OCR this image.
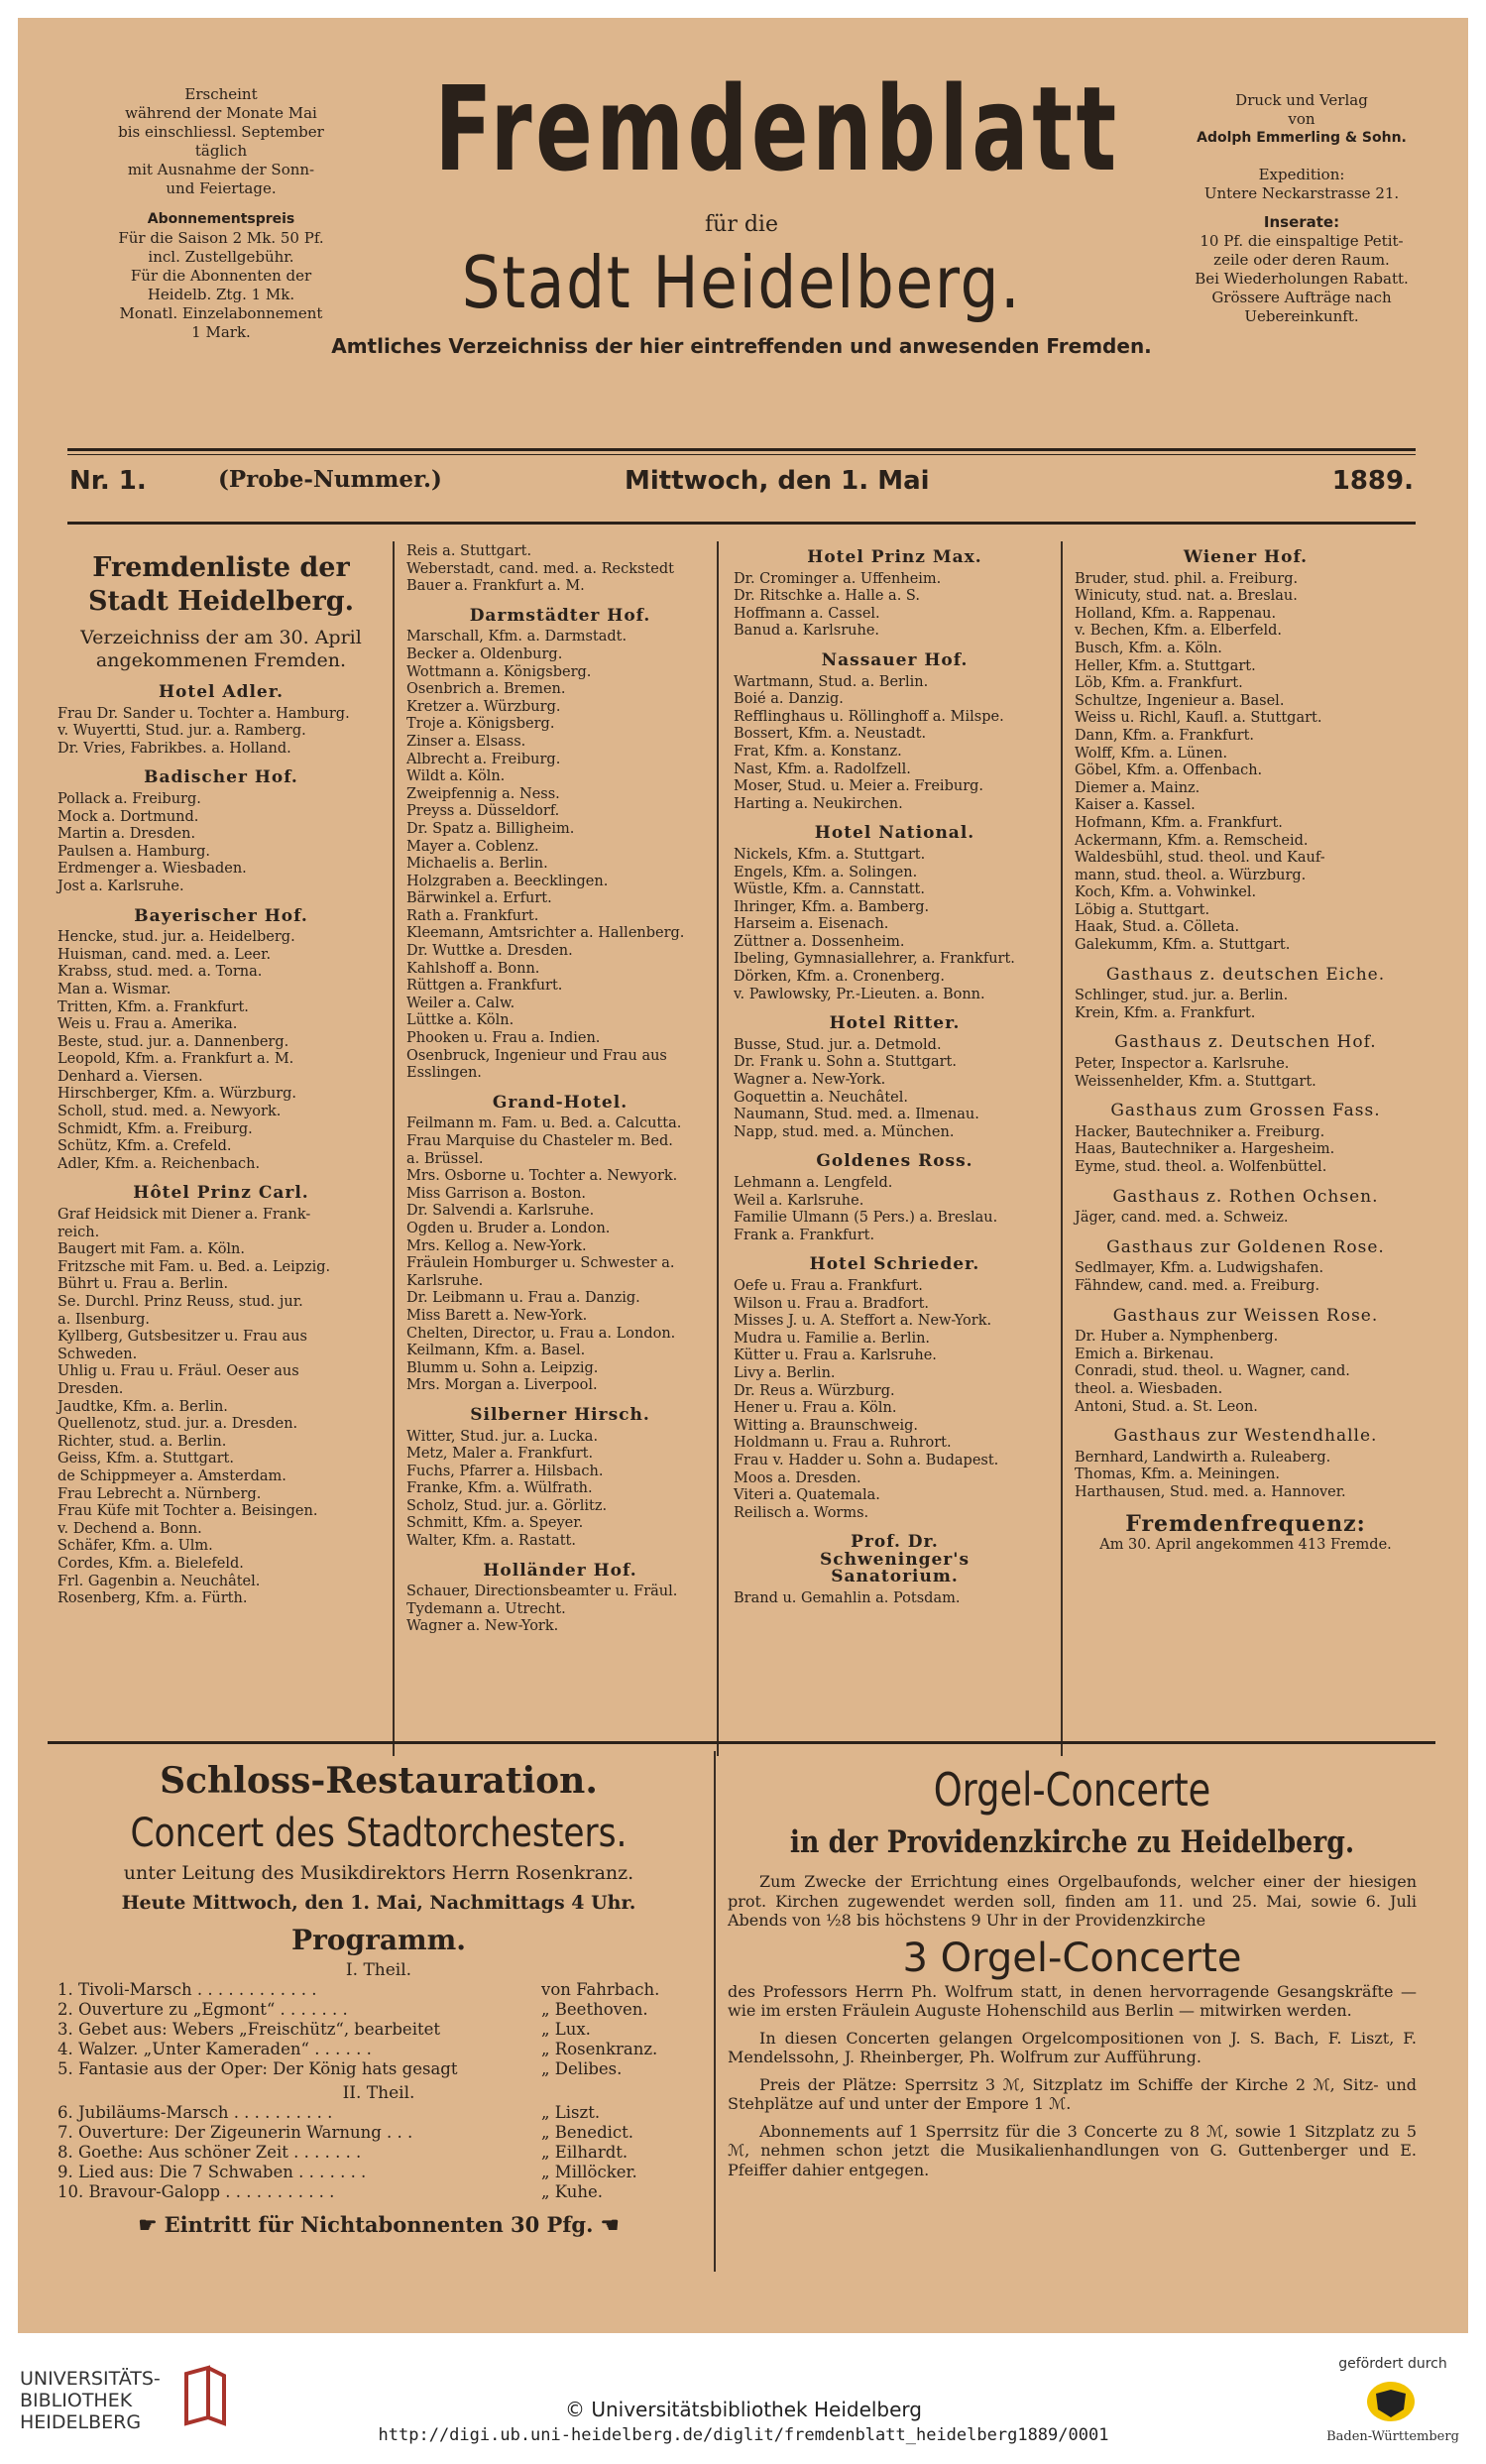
Erscheint
während der Monate Mai
bis einschliessl. September
täglich
mit Ausnahme der Sonn-
und Feiertage.
Abonnementspreis
Für die Saison 2 Mk. 50 Pf.
incl. Zustellgebühr.
Für die Abonnenten der
Heidelb. Ztg. 1 Mk.
Monatl. Einzelabonnement
1 Mark.
Fremdenblatt
für die
Stadt Heidelberg.
Amtliches Verzeichniss der hier eintreffenden und anwesenden Fremden.
Druck und Verlag
von
Adolph Emmerling & Sohn.
Expedition:
Untere Neckarstrasse 21.
Inserate:
10 Pf. die einspaltige Petit-
zeile oder deren Raum.
Bei Wiederholungen Rabatt.
Grössere Aufträge nach
Uebereinkunft.
Nr. 1.	(Probe-Nummer.)	Mittwoch, den 1. Mai	1889.
Fremdenliste der Stadt Heidelberg.
Verzeichniss der am 30. April angekommenen Fremden.
Hotel Adler.
Frau Dr. Sander u. Tochter a. Hamburg.
v. Wuyertti, Stud. jur. a. Ramberg.
Dr. Vries, Fabrikbes. a. Holland.
Badischer Hof.
Pollack a. Freiburg.
Mock a. Dortmund.
Martin a. Dresden.
Paulsen a. Hamburg.
Erdmenger a. Wiesbaden.
Jost a. Karlsruhe.
Bayerischer Hof.
Hencke, stud. jur. a. Heidelberg.
Huisman, cand. med. a. Leer.
Krabss, stud. med. a. Torna.
Man a. Wismar.
Tritten, Kfm. a. Frankfurt.
Weis u. Frau a. Amerika.
Beste, stud. jur. a. Dannenberg.
Leopold, Kfm. a. Frankfurt a. M.
Denhard a. Viersen.
Hirschberger, Kfm. a. Würzburg.
Scholl, stud. med. a. Newyork.
Schmidt, Kfm. a. Freiburg.
Schütz, Kfm. a. Crefeld.
Adler, Kfm. a. Reichenbach.
Hôtel Prinz Carl.
Graf Heidsick mit Diener a. Frank-
reich.
Baugert mit Fam. a. Köln.
Fritzsche mit Fam. u. Bed. a. Leipzig.
Bührt u. Frau a. Berlin.
Se. Durchl. Prinz Reuss, stud. jur.
a. Ilsenburg.
Kyllberg, Gutsbesitzer u. Frau aus
Schweden.
Uhlig u. Frau u. Fräul. Oeser aus
Dresden.
Jaudtke, Kfm. a. Berlin.
Quellenotz, stud. jur. a. Dresden.
Richter, stud. a. Berlin.
Geiss, Kfm. a. Stuttgart.
de Schippmeyer a. Amsterdam.
Frau Lebrecht a. Nürnberg.
Frau Küfe mit Tochter a. Beisingen.
v. Dechend a. Bonn.
Schäfer, Kfm. a. Ulm.
Cordes, Kfm. a. Bielefeld.
Frl. Gagenbin a. Neuchâtel.
Rosenberg, Kfm. a. Fürth.
Reis a. Stuttgart.
Weberstadt, cand. med. a. Reckstedt
Bauer a. Frankfurt a. M.
Darmstädter Hof.
Marschall, Kfm. a. Darmstadt.
Becker a. Oldenburg.
Wottmann a. Königsberg.
Osenbrich a. Bremen.
Kretzer a. Würzburg.
Troje a. Königsberg.
Zinser a. Elsass.
Albrecht a. Freiburg.
Wildt a. Köln.
Zweipfennig a. Ness.
Preyss a. Düsseldorf.
Dr. Spatz a. Billigheim.
Mayer a. Coblenz.
Michaelis a. Berlin.
Holzgraben a. Beecklingen.
Bärwinkel a. Erfurt.
Rath a. Frankfurt.
Kleemann, Amtsrichter a. Hallenberg.
Dr. Wuttke a. Dresden.
Kahlshoff a. Bonn.
Rüttgen a. Frankfurt.
Weiler a. Calw.
Lüttke a. Köln.
Phooken u. Frau a. Indien.
Osenbruck, Ingenieur und Frau aus
Esslingen.
Grand-Hotel.
Feilmann m. Fam. u. Bed. a. Calcutta.
Frau Marquise du Chasteler m. Bed.
a. Brüssel.
Mrs. Osborne u. Tochter a. Newyork.
Miss Garrison a. Boston.
Dr. Salvendi a. Karlsruhe.
Ogden u. Bruder a. London.
Mrs. Kellog a. New-York.
Fräulein Homburger u. Schwester a.
Karlsruhe.
Dr. Leibmann u. Frau a. Danzig.
Miss Barett a. New-York.
Chelten, Director, u. Frau a. London.
Keilmann, Kfm. a. Basel.
Blumm u. Sohn a. Leipzig.
Mrs. Morgan a. Liverpool.
Silberner Hirsch.
Witter, Stud. jur. a. Lucka.
Metz, Maler a. Frankfurt.
Fuchs, Pfarrer a. Hilsbach.
Franke, Kfm. a. Wülfrath.
Scholz, Stud. jur. a. Görlitz.
Schmitt, Kfm. a. Speyer.
Walter, Kfm. a. Rastatt.
Holländer Hof.
Schauer, Directionsbeamter u. Fräul.
Tydemann a. Utrecht.
Wagner a. New-York.
Hotel Prinz Max.
Dr. Crominger a. Uffenheim.
Dr. Ritschke a. Halle a. S.
Hoffmann a. Cassel.
Banud a. Karlsruhe.
Nassauer Hof.
Wartmann, Stud. a. Berlin.
Boié a. Danzig.
Refflinghaus u. Röllinghoff a. Milspe.
Bossert, Kfm. a. Neustadt.
Frat, Kfm. a. Konstanz.
Nast, Kfm. a. Radolfzell.
Moser, Stud. u. Meier a. Freiburg.
Harting a. Neukirchen.
Hotel National.
Nickels, Kfm. a. Stuttgart.
Engels, Kfm. a. Solingen.
Wüstle, Kfm. a. Cannstatt.
Ihringer, Kfm. a. Bamberg.
Harseim a. Eisenach.
Züttner a. Dossenheim.
Ibeling, Gymnasiallehrer, a. Frankfurt.
Dörken, Kfm. a. Cronenberg.
v. Pawlowsky, Pr.-Lieuten. a. Bonn.
Hotel Ritter.
Busse, Stud. jur. a. Detmold.
Dr. Frank u. Sohn a. Stuttgart.
Wagner a. New-York.
Goquettin a. Neuchâtel.
Naumann, Stud. med. a. Ilmenau.
Napp, stud. med. a. München.
Goldenes Ross.
Lehmann a. Lengfeld.
Weil a. Karlsruhe.
Familie Ulmann (5 Pers.) a. Breslau.
Frank a. Frankfurt.
Hotel Schrieder.
Oefe u. Frau a. Frankfurt.
Wilson u. Frau a. Bradfort.
Misses J. u. A. Steffort a. New-York.
Mudra u. Familie a. Berlin.
Kütter u. Frau a. Karlsruhe.
Livy a. Berlin.
Dr. Reus a. Würzburg.
Hener u. Frau a. Köln.
Witting a. Braunschweig.
Holdmann u. Frau a. Ruhrort.
Frau v. Hadder u. Sohn a. Budapest.
Moos a. Dresden.
Viteri a. Quatemala.
Reilisch a. Worms.
Prof. Dr. Schweninger's Sanatorium.
Brand u. Gemahlin a. Potsdam.
Wiener Hof.
Bruder, stud. phil. a. Freiburg.
Winicuty, stud. nat. a. Breslau.
Holland, Kfm. a. Rappenau.
v. Bechen, Kfm. a. Elberfeld.
Busch, Kfm. a. Köln.
Heller, Kfm. a. Stuttgart.
Löb, Kfm. a. Frankfurt.
Schultze, Ingenieur a. Basel.
Weiss u. Richl, Kaufl. a. Stuttgart.
Dann, Kfm. a. Frankfurt.
Wolff, Kfm. a. Lünen.
Göbel, Kfm. a. Offenbach.
Diemer a. Mainz.
Kaiser a. Kassel.
Hofmann, Kfm. a. Frankfurt.
Ackermann, Kfm. a. Remscheid.
Waldesbühl, stud. theol. und Kauf-
mann, stud. theol. a. Würzburg.
Koch, Kfm. a. Vohwinkel.
Löbig a. Stuttgart.
Haak, Stud. a. Cölleta.
Galekumm, Kfm. a. Stuttgart.
Gasthaus z. deutschen Eiche.
Schlinger, stud. jur. a. Berlin.
Krein, Kfm. a. Frankfurt.
Gasthaus z. Deutschen Hof.
Peter, Inspector a. Karlsruhe.
Weissenhelder, Kfm. a. Stuttgart.
Gasthaus zum Grossen Fass.
Hacker, Bautechniker a. Freiburg.
Haas, Bautechniker a. Hargesheim.
Eyme, stud. theol. a. Wolfenbüttel.
Gasthaus z. Rothen Ochsen.
Jäger, cand. med. a. Schweiz.
Gasthaus zur Goldenen Rose.
Sedlmayer, Kfm. a. Ludwigshafen.
Fähndew, cand. med. a. Freiburg.
Gasthaus zur Weissen Rose.
Dr. Huber a. Nymphenberg.
Emich a. Birkenau.
Conradi, stud. theol. u. Wagner, cand.
theol. a. Wiesbaden.
Antoni, Stud. a. St. Leon.
Gasthaus zur Westendhalle.
Bernhard, Landwirth a. Ruleaberg.
Thomas, Kfm. a. Meiningen.
Harthausen, Stud. med. a. Hannover.
Fremdenfrequenz:
Am 30. April angekommen 413 Fremde.
Schloss-Restauration.
Concert des Stadtorchesters.
unter Leitung des Musikdirektors Herrn Rosenkranz.
Heute Mittwoch, den 1. Mai, Nachmittags 4 Uhr.
Programm.
I. Theil.
1. Tivoli-Marsch . . . . . . . . . . . .	von Fahrbach.
2. Ouverture zu „Egmont“ . . . . . . .	„ Beethoven.
3. Gebet aus: Webers „Freischütz“, bearbeitet	„ Lux.
4. Walzer. „Unter Kameraden“ . . . . . .	„ Rosenkranz.
5. Fantasie aus der Oper: Der König hats gesagt	„ Delibes.
II. Theil.
6. Jubiläums-Marsch . . . . . . . . . .	„ Liszt.
7. Ouverture: Der Zigeunerin Warnung . . .	„ Benedict.
8. Goethe: Aus schöner Zeit . . . . . . .	„ Eilhardt.
9. Lied aus: Die 7 Schwaben . . . . . . .	„ Millöcker.
10. Bravour-Galopp . . . . . . . . . . .	„ Kuhe.
☛ Eintritt für Nichtabonnenten 30 Pfg. ☚
Orgel-Concerte
in der Providenzkirche zu Heidelberg.
Zum Zwecke der Errichtung eines Orgelbaufonds, welcher einer der hiesigen prot. Kirchen zugewendet werden soll, finden am 11. und 25. Mai, sowie 6. Juli Abends von ½8 bis höchstens 9 Uhr in der Providenzkirche
3 Orgel-Concerte
des Professors Herrn Ph. Wolfrum statt, in denen hervorragende Gesangskräfte — wie im ersten Fräulein Auguste Hohenschild aus Berlin — mitwirken werden.
In diesen Concerten gelangen Orgelcompositionen von J. S. Bach, F. Liszt, F. Mendelssohn, J. Rheinberger, Ph. Wolfrum zur Aufführung.
Preis der Plätze: Sperrsitz 3 ℳ, Sitzplatz im Schiffe der Kirche 2 ℳ, Sitz- und Stehplätze auf und unter der Empore 1 ℳ.
Abonnements auf 1 Sperrsitz für die 3 Concerte zu 8 ℳ, sowie 1 Sitzplatz zu 5 ℳ, nehmen schon jetzt die Musikalienhandlungen von G. Guttenberger und E. Pfeiffer dahier entgegen.
UNIVERSITÄTS-
BIBLIOTHEK
HEIDELBERG
© Universitätsbibliothek Heidelberg
http://digi.ub.uni-heidelberg.de/diglit/fremdenblatt_heidelberg1889/0001
gefördert durch
Baden-Württemberg
